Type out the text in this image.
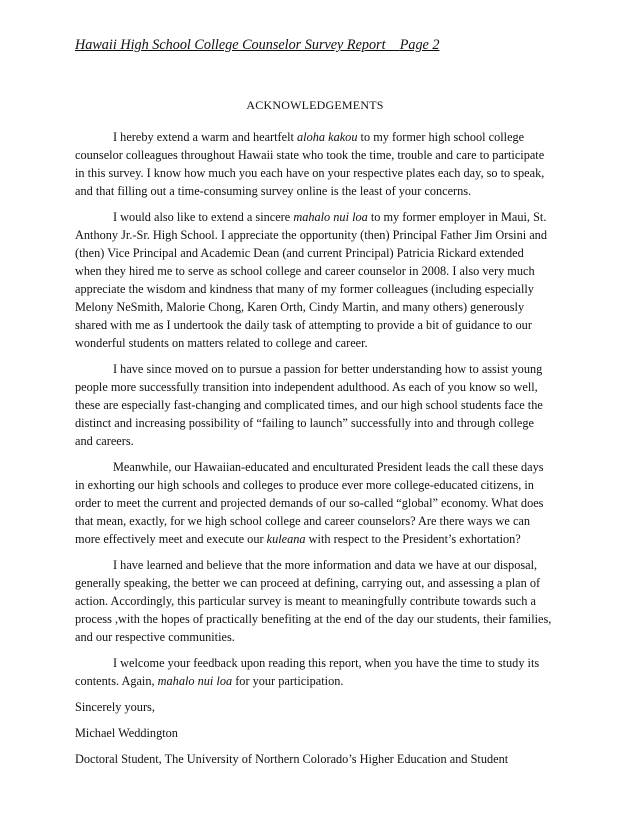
Hawaii High School College Counselor Survey Report Page 2
ACKNOWLEDGEMENTS

I hereby extend a warm and heartfelt aloha kakou to my former high school college
counselor colleagues throughout Hawaii state who took the time, trouble and care to participate
in this survey. I know how much you each have on your respective plates each day, so to speak,
and that filling out a time-consuming survey online is the least of your concerns.

I would also like to extend a sincere mahalo nui loa to my former employer in Maui, St.
Anthony Jr.-Sr. High School. I appreciate the opportunity (then) Principal Father Jim Orsini and
(then) Vice Principal and Academic Dean (and current Principal) Patricia Rickard extended
when they hired me to serve as school college and career counselor in 2008. I also very much
appreciate the wisdom and kindness that many of my former colleagues (including especially
Melony NeSmith, Malorie Chong, Karen Orth, Cindy Martin, and many others) generously
shared with me as I undertook the daily task of attempting to provide a bit of guidance to our
wonderful students on matters related to college and career.

I have since moved on to pursue a passion for better understanding how to assist young
people more successfully transition into independent adulthood. As each of you know so well,
these are especially fast-changing and complicated times, and our high school students face the
distinct and increasing possibility of “failing to launch” successfully into and through college
and careers.

Meanwhile, our Hawaiian-educated and enculturated President leads the call these days
in exhorting our high schools and colleges to produce ever more college-educated citizens, in
order to meet the current and projected demands of our so-called “global” economy. What does
that mean, exactly, for we high school college and career counselors? Are there ways we can
more effectively meet and execute our kuleana with respect to the President’s exhortation?

I have learned and believe that the more information and data we have at our disposal,
generally speaking, the better we can proceed at defining, carrying out, and assessing a plan of
action. Accordingly, this particular survey is meant to meaningfully contribute towards such a
process ,with the hopes of practically benefiting at the end of the day our students, their families,
and our respective communities.

I welcome your feedback upon reading this report, when you have the time to study its
contents. Again, mahalo nui loa for your participation.

Sincerely yours,

Michael Weddington

Doctoral Student, The University of Northern Colorado’s Higher Education and Student
